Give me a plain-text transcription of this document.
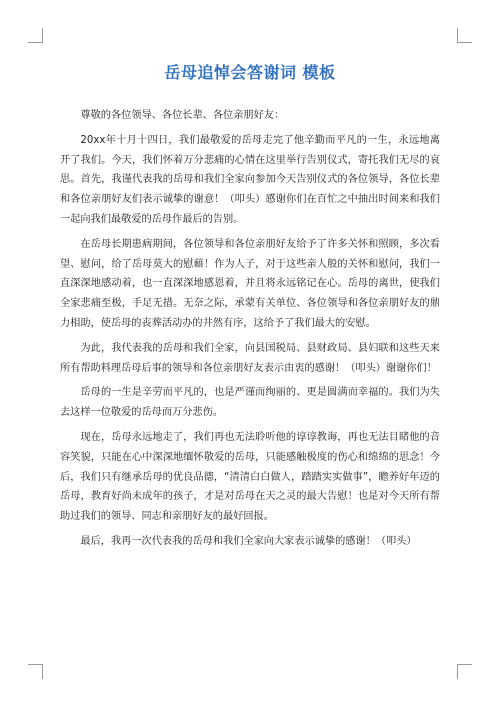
岳母追悼会答谢词 模板

尊敬的各位领导、各位长辈、各位亲朋好友：

20xx年十月十四日，我们最敬爱的岳母走完了他辛勤而平凡的一生，永远地离开了我们。今天，我们怀着万分悲痛的心情在这里举行告别仪式，寄托我们无尽的哀思。首先，我谨代表我的岳母和我们全家向参加今天告别仪式的各位领导，各位长辈和各位亲朋好友们表示诚挚的谢意！（叩头）感谢你们在百忙之中抽出时间来和我们一起向我们最敬爱的岳母作最后的告别。

在岳母长期患病期间，各位领导和各位亲朋好友给予了许多关怀和照顾，多次看望、慰问，给了岳母莫大的慰藉！作为人子，对于这些亲人般的关怀和慰问，我们一直深深地感动着，也一直深深地感恩着，并且将永远铭记在心。岳母的离世，使我们全家悲痛至极，手足无措。无奈之际，承蒙有关单位、各位领导和各位亲朋好友的鼎力相助，使岳母的丧葬活动办的井然有序，这给予了我们最大的安慰。

为此，我代表我的岳母和我们全家，向县国税局、县财政局、县妇联和这些天来所有帮助料理岳母后事的领导和各位亲朋好友表示由衷的感谢！（叩头）谢谢你们！

岳母的一生是辛劳而平凡的，也是严谨而绚丽的、更是圆满而幸福的。我们为失去这样一位敬爱的岳母而万分悲伤。

现在，岳母永远地走了，我们再也无法聆听他的谆谆教诲，再也无法目睹他的音容笑貌，只能在心中深深地缅怀敬爱的岳母，只能感触极度的伤心和绵绵的思念！今后，我们只有继承岳母的优良品德，“清清白白做人，踏踏实实做事”，瞻养好年迈的岳母，教育好尚未成年的孩子，才是对岳母在天之灵的最大告慰！也是对今天所有帮助过我们的领导、同志和亲朋好友的最好回报。

最后，我再一次代表我的岳母和我们全家向大家表示诚挚的感谢！（叩头）
